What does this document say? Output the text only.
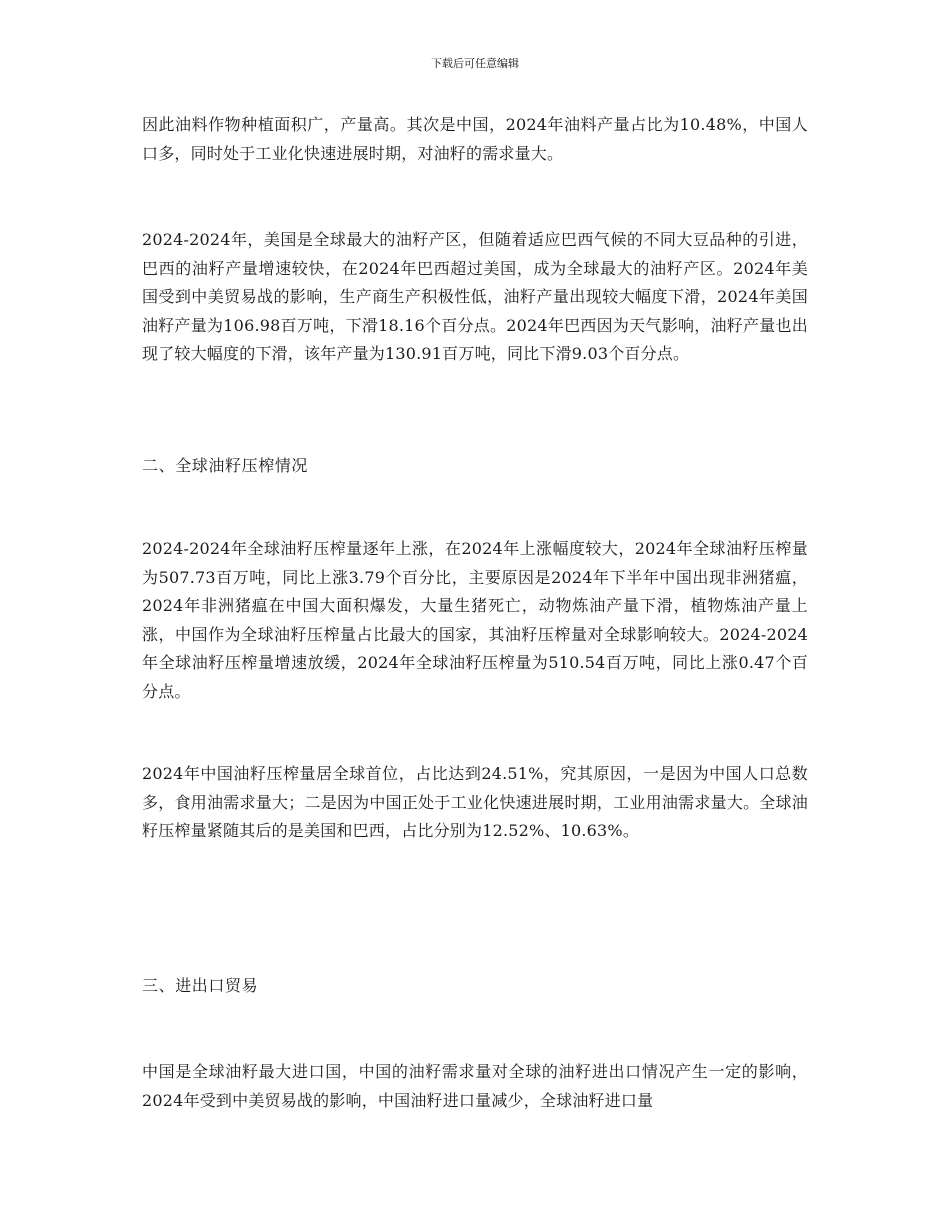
下载后可任意编辑

因此油料作物种植面积广，产量高。其次是中国，2024年油料产量占比为10.48%，中国人口多，同时处于工业化快速进展时期，对油籽的需求量大。

2024-2024年，美国是全球最大的油籽产区，但随着适应巴西气候的不同大豆品种的引进，巴西的油籽产量增速较快，在2024年巴西超过美国，成为全球最大的油籽产区。2024年美国受到中美贸易战的影响，生产商生产积极性低，油籽产量出现较大幅度下滑，2024年美国油籽产量为106.98百万吨，下滑18.16个百分点。2024年巴西因为天气影响，油籽产量也出现了较大幅度的下滑，该年产量为130.91百万吨，同比下滑9.03个百分点。

二、全球油籽压榨情况

2024-2024年全球油籽压榨量逐年上涨，在2024年上涨幅度较大，2024年全球油籽压榨量为507.73百万吨，同比上涨3.79个百分比，主要原因是2024年下半年中国出现非洲猪瘟，2024年非洲猪瘟在中国大面积爆发，大量生猪死亡，动物炼油产量下滑，植物炼油产量上涨，中国作为全球油籽压榨量占比最大的国家，其油籽压榨量对全球影响较大。2024-2024年全球油籽压榨量增速放缓，2024年全球油籽压榨量为510.54百万吨，同比上涨0.47个百分点。

2024年中国油籽压榨量居全球首位，占比达到24.51%，究其原因，一是因为中国人口总数多，食用油需求量大；二是因为中国正处于工业化快速进展时期，工业用油需求量大。全球油籽压榨量紧随其后的是美国和巴西，占比分别为12.52%、10.63%。

三、进出口贸易

中国是全球油籽最大进口国，中国的油籽需求量对全球的油籽进出口情况产生一定的影响，2024年受到中美贸易战的影响，中国油籽进口量减少，全球油籽进口量
